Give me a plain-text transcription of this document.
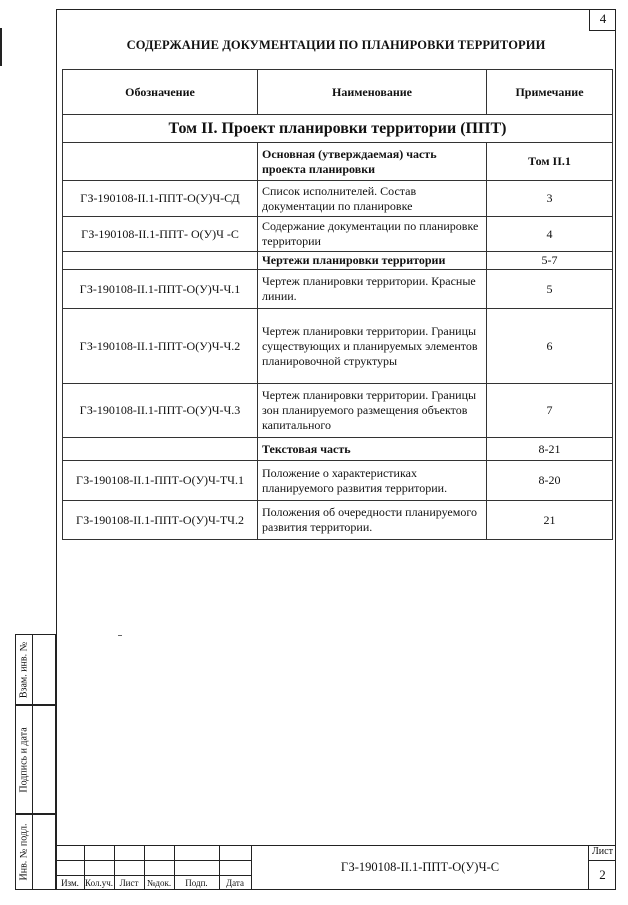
4
СОДЕРЖАНИЕ ДОКУМЕНТАЦИИ ПО ПЛАНИРОВКИ ТЕРРИТОРИИ
Обозначение	Наименование	Примечание
Том II. Проект планировки территории (ППТ)		
	Основная (утверждаемая) часть проекта планировки	Том II.1
ГЗ-190108-II.1-ППТ-О(У)Ч-СД	Список исполнителей. Состав документации по планировке	3
ГЗ-190108-II.1-ППТ- О(У)Ч -С	Содержание документации по планировке территории	4
	Чертежи планировки территории	5-7
ГЗ-190108-II.1-ППТ-О(У)Ч-Ч.1	Чертеж планировки территории. Красные линии.	5
ГЗ-190108-II.1-ППТ-О(У)Ч-Ч.2	Чертеж планировки территории. Границы существующих и планируемых элементов планировочной структуры	6
ГЗ-190108-II.1-ППТ-О(У)Ч-Ч.3	Чертеж планировки территории. Границы зон планируемого размещения объектов капитального	7
	Текстовая часть	8-21
ГЗ-190108-II.1-ППТ-О(У)Ч-ТЧ.1	Положение о характеристиках планируемого развития территории.	8-20
ГЗ-190108-II.1-ППТ-О(У)Ч-ТЧ.2	Положения об очередности планируемого развития территории.	21
Взам. инв. №
Подпись и дата
Инв. № подл.
Изм. Кол.уч. Лист №док.	Подп.	Дата
ГЗ-190108-II.1-ППТ-О(У)Ч-С
Лист
2
